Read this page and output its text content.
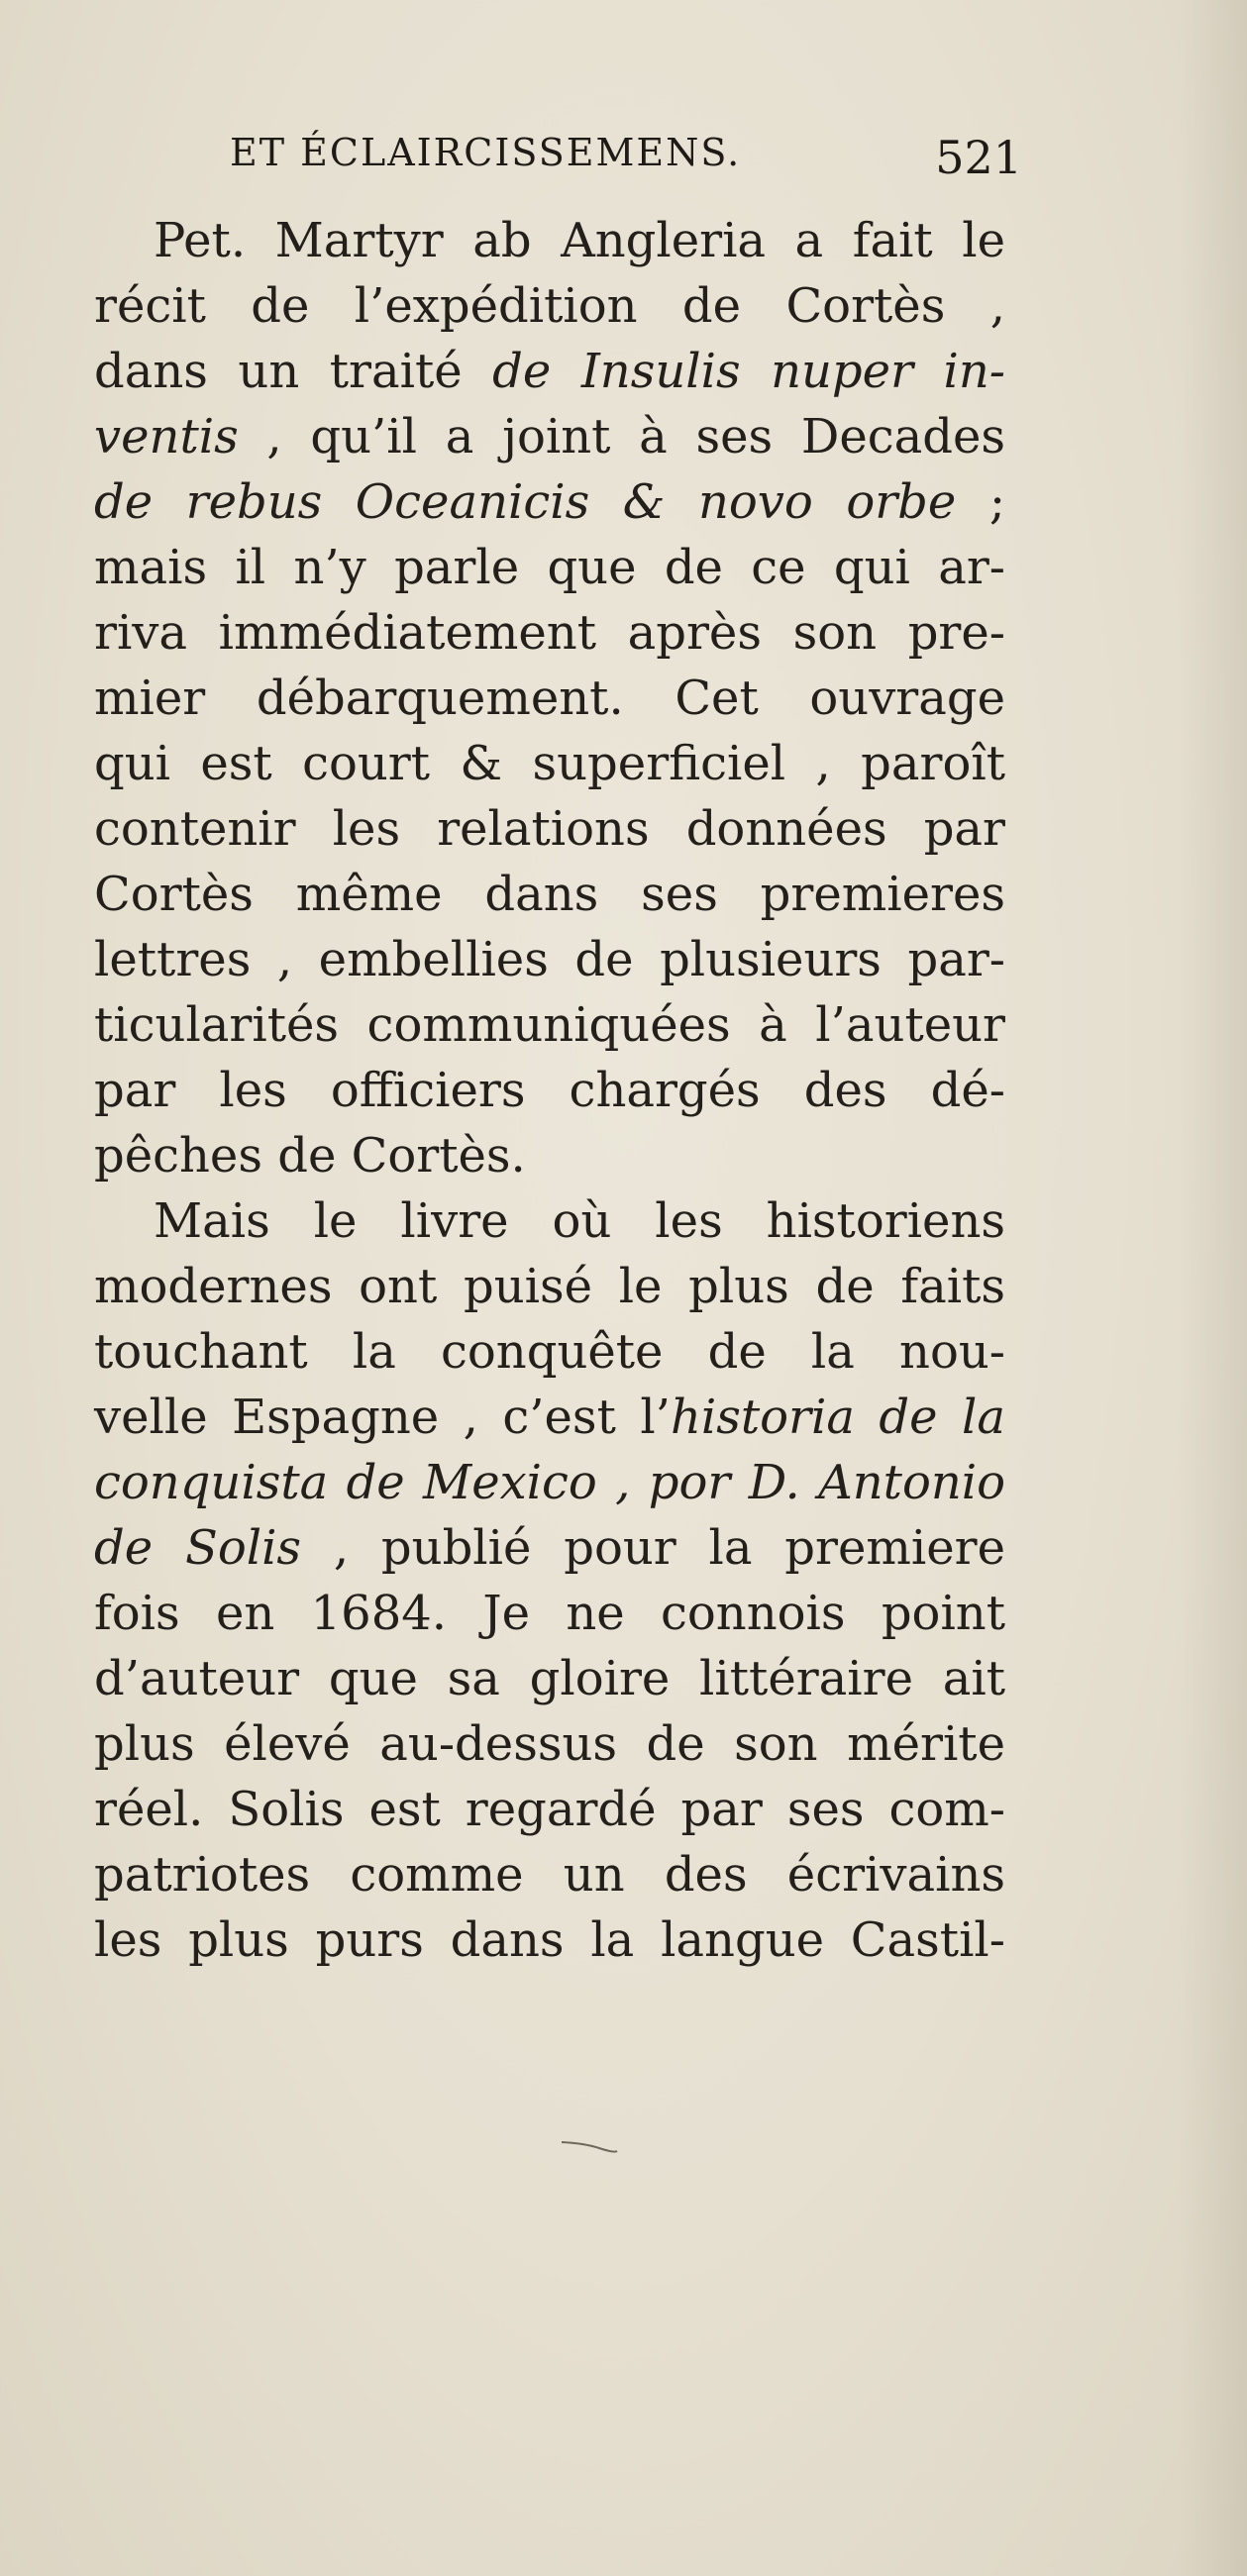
ET ÉCLAIRCISSEMENS.	521
Pet. Martyr ab Angleria a fait le
récit de l’expédition de Cortès ,
dans un traité de Insulis nuper in-
ventis , qu’il a joint à ses Decades
de rebus Oceanicis & novo orbe ;
mais il n’y parle que de ce qui ar-
riva immédiatement après son pre-
mier débarquement. Cet ouvrage
qui est court & superficiel , paroît
contenir les relations données par
Cortès même dans ses premieres
lettres , embellies de plusieurs par-
ticularités communiquées à l’auteur
par les officiers chargés des dé-
pêches de Cortès.
Mais le livre où les historiens
modernes ont puisé le plus de faits
touchant la conquête de la nou-
velle Espagne , c’est l’historia de la
conquista de Mexico , por D. Antonio
de Solis , publié pour la premiere
fois en 1684. Je ne connois point
d’auteur que sa gloire littéraire ait
plus élevé au-dessus de son mérite
réel. Solis est regardé par ses com-
patriotes comme un des écrivains
les plus purs dans la langue Castil-
